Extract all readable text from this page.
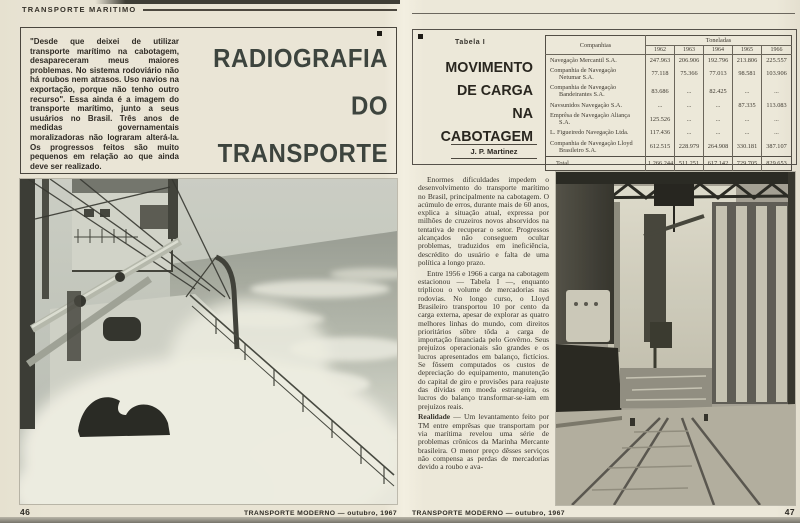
TRANSPORTE MARITIMO

"Desde que deixei de utilizar transporte marítimo na cabotagem, desapareceram meus maiores problemas. No sistema rodoviário não há roubos nem atrasos. Uso navios na exportação, porque não tenho outro recurso". Essa ainda é a imagem do transporte marítimo, junto a seus usuários no Brasil. Três anos de medidas governamentais moralizadoras não lograram alterá-la. Os progressos feitos são muito pequenos em relação ao que ainda deve ser realizado.

RADIOGRAFIA
DO TRANSPORTE
46	TRANSPORTE MODERNO — outubro, 1967
Tabela I
MOVIMENTO
DE CARGA
NA CABOTAGEM
J. P. Martinez
Companhias	Toneladas				
	1962	1963	1964	1965	1966
Navegação Mercantil S.A.	247.963	206.906	192.796	213.806	225.557
Companhia de Navegação Netumar S.A.	77.118	75.366	77.013	98.581	103.906
Companhia de Navegação Bandeirantes S.A.	83.686	...	82.425	...	...
Navsunidos Navegação S.A.	...	...	...	87.335	113.083
Emprêsa de Navegação Aliança S.A.	125.526	...	...	...	...
L. Figueiredo Navegação Ltda.	117.436	...	...	...	...
Companhia de Navegação Lloyd Brasileiro S.A.	612.515	228.979	264.908	330.181	387.107
Total	1.266.244	511.251	617.142	729.705	829.653

Enormes dificuldades impedem o desenvolvimento do transporte marítimo no Brasil, principalmente na cabotagem. O acúmulo de erros, durante mais de 60 anos, explica a situação atual, expressa por milhões de cruzeiros novos absorvidos na tentativa de recuperar o setor. Progressos alcançados não conseguem ocultar problemas, traduzidos em ineficiência, descrédito do usuário e falta de uma política a longo prazo.

Entre 1956 e 1966 a carga na cabotagem estacionou — Tabela I —, enquanto triplicou o volume de mercadorias nas rodovias. No longo curso, o Lloyd Brasileiro transportou 10 por cento da carga externa, apesar de explorar as quatro melhores linhas do mundo, com direitos prioritários sôbre tôda a carga de importação financiada pelo Govêrno. Seus prejuízos operacionais são grandes e os lucros apresentados em balanço, fictícios. Se fôssem computados os custos de depreciação do equipamento, manutenção do capital de giro e provisões para reajuste das dívidas em moeda estrangeira, os lucros do balanço transformar-se-iam em prejuízos reais.

Realidade — Um levantamento feito por TM entre emprêsas que transportam por via marítima revelou uma série de problemas crônicos da Marinha Mercante brasileira. O menor preço dêsses serviços não compensa as perdas de mercadorias devido a roubo e ava-

TRANSPORTE MODERNO — outubro, 1967	47
